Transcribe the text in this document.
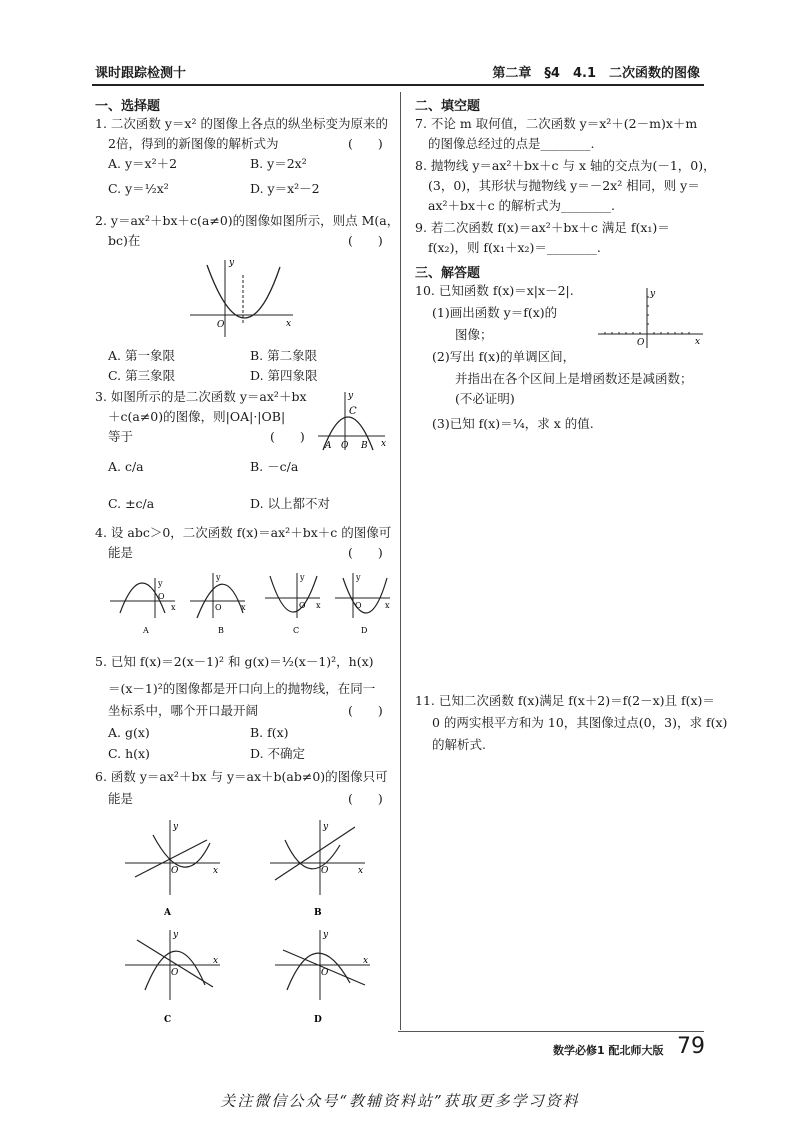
课时跟踪检测十	第二章　§4　4.1　二次函数的图像
一、选择题
1. 二次函数 y＝x² 的图像上各点的纵坐标变为原来的
2倍，得到的新图像的解析式为	(　　)
A. y＝x²＋2	B. y＝2x²
C. y＝½x²	D. y＝x²－2
2. y＝ax²＋bx＋c(a≠0)的图像如图所示，则点 M(a，
bc)在	(　　)
y
x
O
A. 第一象限	B. 第二象限
C. 第三象限	D. 第四象限
3. 如图所示的是二次函数 y＝ax²＋bx
＋c(a≠0)的图像，则|OA|·|OB|
等于	(　　)
y
x
C
A O B
A. c/a	B. －c/a
C. ±c/a	D. 以上都不对
4. 设 abc＞0，二次函数 f(x)＝ax²＋bx＋c 的图像可
能是	(　　)
y
x
O
A
y
x
O
B
y
x
O
C
y
x
O
D
5. 已知 f(x)＝2(x－1)² 和 g(x)＝½(x－1)²，h(x)
＝(x－1)²的图像都是开口向上的抛物线，在同一
坐标系中，哪个开口最开阔	(　　)
A. g(x)	B. f(x)
C. h(x)	D. 不确定
6. 函数 y＝ax²＋bx 与 y＝ax＋b(ab≠0)的图像只可
能是	(　　)
y
x
O
A
y
x
O
B
y
x
O
C
y
x
O
D
二、填空题
7. 不论 m 取何值，二次函数 y＝x²＋(2－m)x＋m
的图像总经过的点是________.
8. 抛物线 y＝ax²＋bx＋c 与 x 轴的交点为(－1，0)，
(3，0)，其形状与抛物线 y＝－2x² 相同，则 y＝
ax²＋bx＋c 的解析式为________.
9. 若二次函数 f(x)＝ax²＋bx＋c 满足 f(x₁)＝
f(x₂)，则 f(x₁＋x₂)＝________.
三、解答题
10. 已知函数 f(x)＝x|x－2|.
(1)画出函数 y＝f(x)的
图像；
(2)写出 f(x)的单调区间，
并指出在各个区间上是增函数还是减函数；
(不必证明)
(3)已知 f(x)＝¼，求 x 的值.
y
x
O
11. 已知二次函数 f(x)满足 f(x＋2)＝f(2－x)且 f(x)＝
0 的两实根平方和为 10，其图像过点(0，3)，求 f(x)
的解析式.
数学必修1 配北师大版 79
关注微信公众号“教辅资料站”获取更多学习资料
